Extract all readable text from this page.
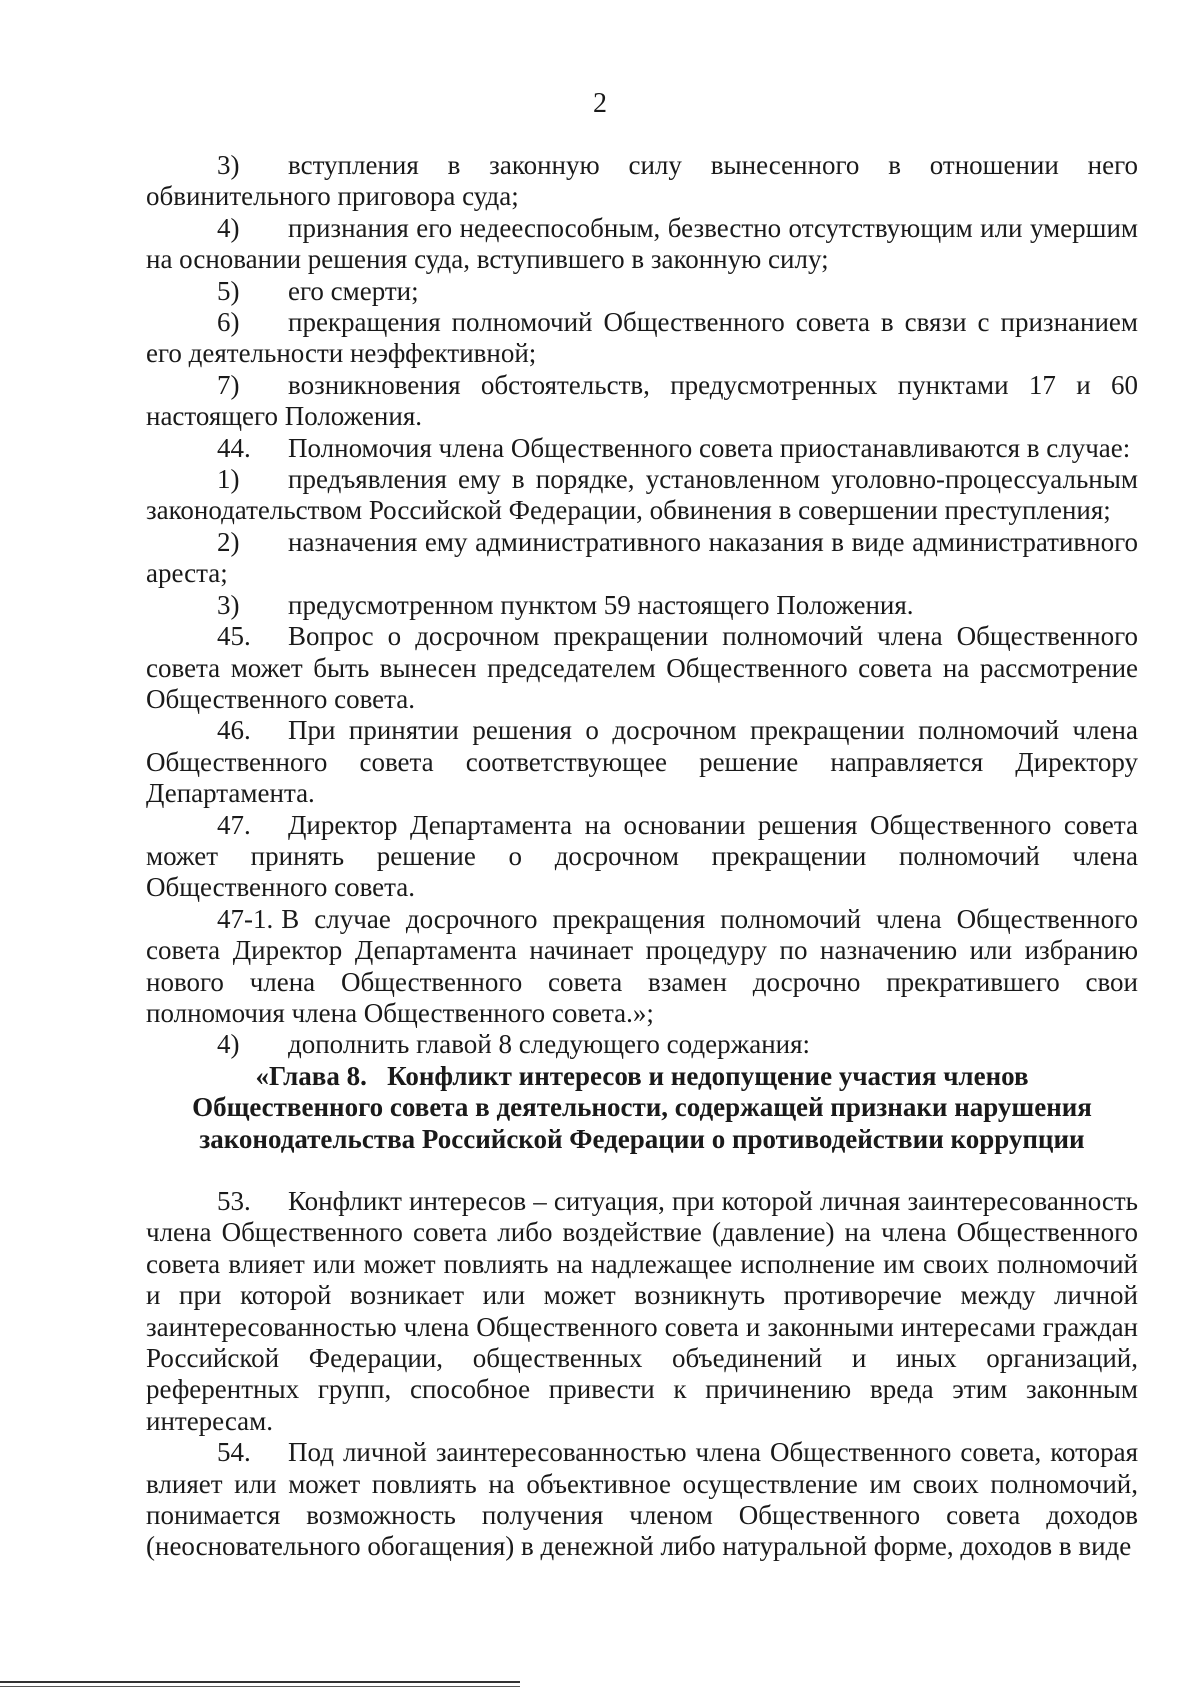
2

3) вступления в законную силу вынесенного в отношении него обвинительного приговора суда;

4) признания его недееспособным, безвестно отсутствующим или умершим на основании решения суда, вступившего в законную силу;

5) его смерти;

6) прекращения полномочий Общественного совета в связи с признанием его деятельности неэффективной;

7) возникновения обстоятельств, предусмотренных пунктами 17 и 60 настоящего Положения.

44. Полномочия члена Общественного совета приостанавливаются в случае:

1) предъявления ему в порядке, установленном уголовно-процессуальным законодательством Российской Федерации, обвинения в совершении преступления;

2) назначения ему административного наказания в виде административного ареста;

3) предусмотренном пунктом 59 настоящего Положения.

45. Вопрос о досрочном прекращении полномочий члена Общественного совета может быть вынесен председателем Общественного совета на рассмотрение Общественного совета.

46. При принятии решения о досрочном прекращении полномочий члена Общественного совета соответствующее решение направляется Директору Департамента.

47. Директор Департамента на основании решения Общественного совета может принять решение о досрочном прекращении полномочий члена Общественного совета.

47-1. В случае досрочного прекращения полномочий члена Общественного совета Директор Департамента начинает процедуру по назначению или избранию нового члена Общественного совета взамен досрочно прекратившего свои полномочия члена Общественного совета.»;

4) дополнить главой 8 следующего содержания:

«Глава 8.   Конфликт интересов и недопущение участия членов

Общественного совета в деятельности, содержащей признаки нарушения

законодательства Российской Федерации о противодействии коррупции

53. Конфликт интересов – ситуация, при которой личная заинтересованность члена Общественного совета либо воздействие (давление) на члена Общественного совета влияет или может повлиять на надлежащее исполнение им своих полномочий и при которой возникает или может возникнуть противоречие между личной заинтересованностью члена Общественного совета и законными интересами граждан Российской Федерации, общественных объединений и иных организаций, референтных групп, способное привести к причинению вреда этим законным интересам.

54. Под личной заинтересованностью члена Общественного совета, которая влияет или может повлиять на объективное осуществление им своих полномочий, понимается возможность получения членом Общественного совета доходов (неосновательного обогащения) в денежной либо натуральной форме, доходов в виде
